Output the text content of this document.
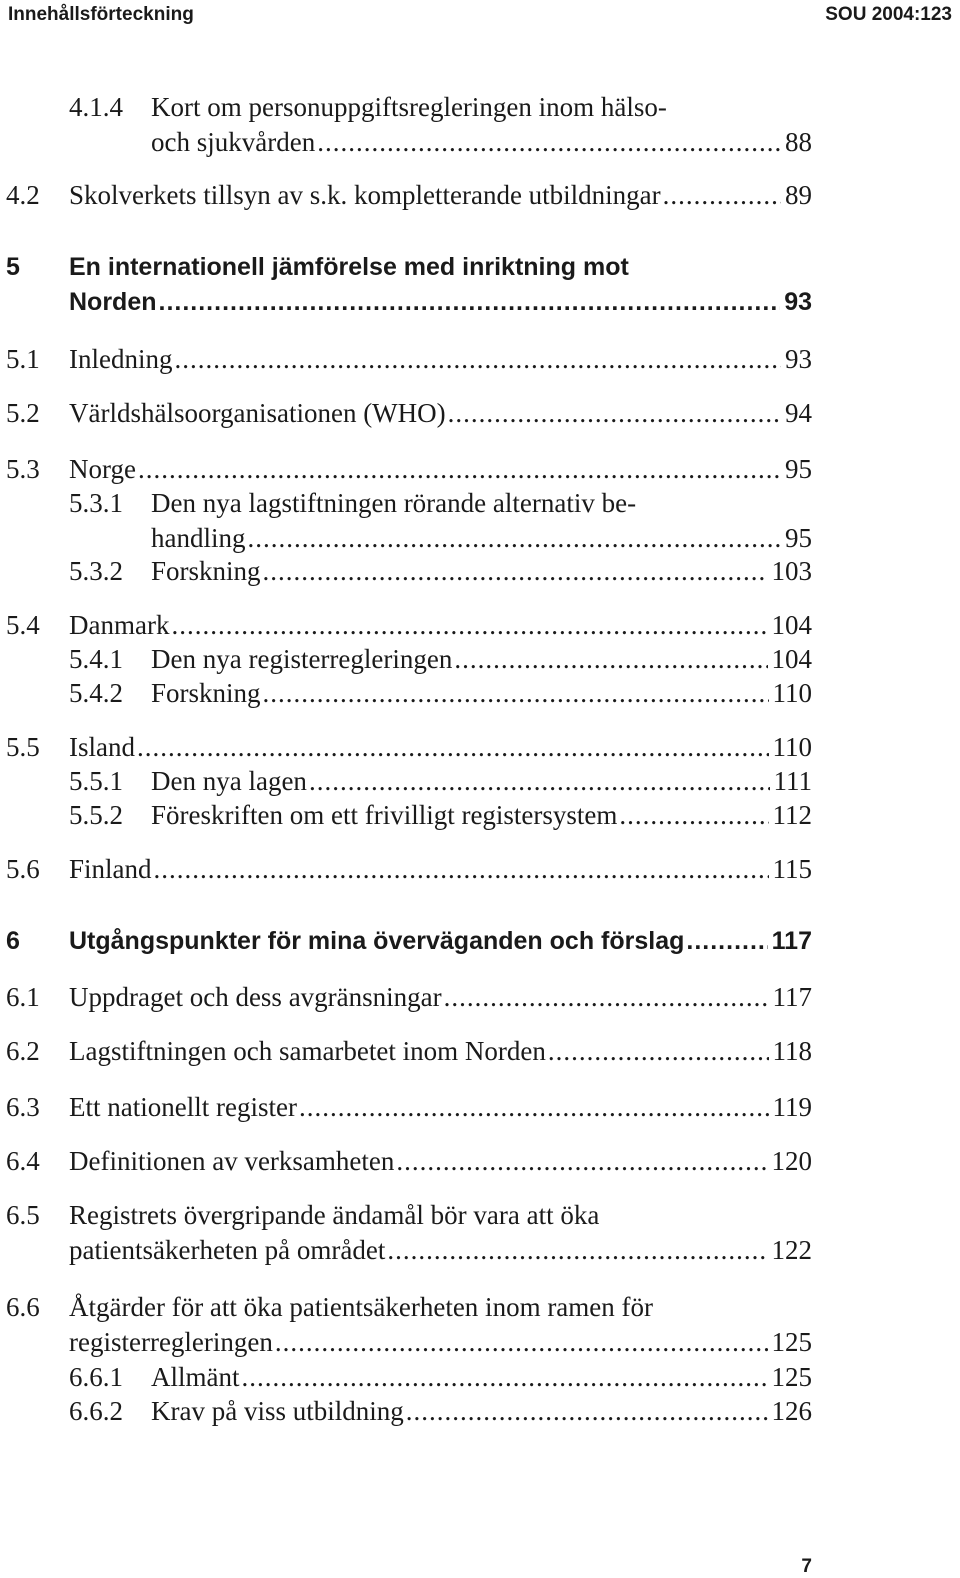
Innehållsförteckning	SOU 2004:123
4.1.4 Kort om personuppgiftsregleringen inom hälso-
och sjukvården .....	88
4.2 Skolverkets tillsyn av s.k. kompletterande utbildningar .....	89
5 En internationell jämförelse med inriktning mot
Norden .....	93
5.1 Inledning .....	93
5.2 Världshälsoorganisationen (WHO) .....	94
5.3 Norge .....	95
5.3.1 Den nya lagstiftningen rörande alternativ be-
handling .....	95
5.3.2 Forskning .....	103
5.4 Danmark .....	104
5.4.1 Den nya registerregleringen .....	104
5.4.2 Forskning .....	110
5.5 Island .....	110
5.5.1 Den nya lagen .....	111
5.5.2 Föreskriften om ett frivilligt registersystem .....	112
5.6 Finland .....	115
6 Utgångspunkter för mina överväganden och förslag .....	117
6.1 Uppdraget och dess avgränsningar .....	117
6.2 Lagstiftningen och samarbetet inom Norden .....	118
6.3 Ett nationellt register .....	119
6.4 Definitionen av verksamheten .....	120
6.5 Registrets övergripande ändamål bör vara att öka
patientsäkerheten på området .....	122
6.6 Åtgärder för att öka patientsäkerheten inom ramen för
registerregleringen .....	125
6.6.1 Allmänt .....	125
6.6.2 Krav på viss utbildning .....	126
7
